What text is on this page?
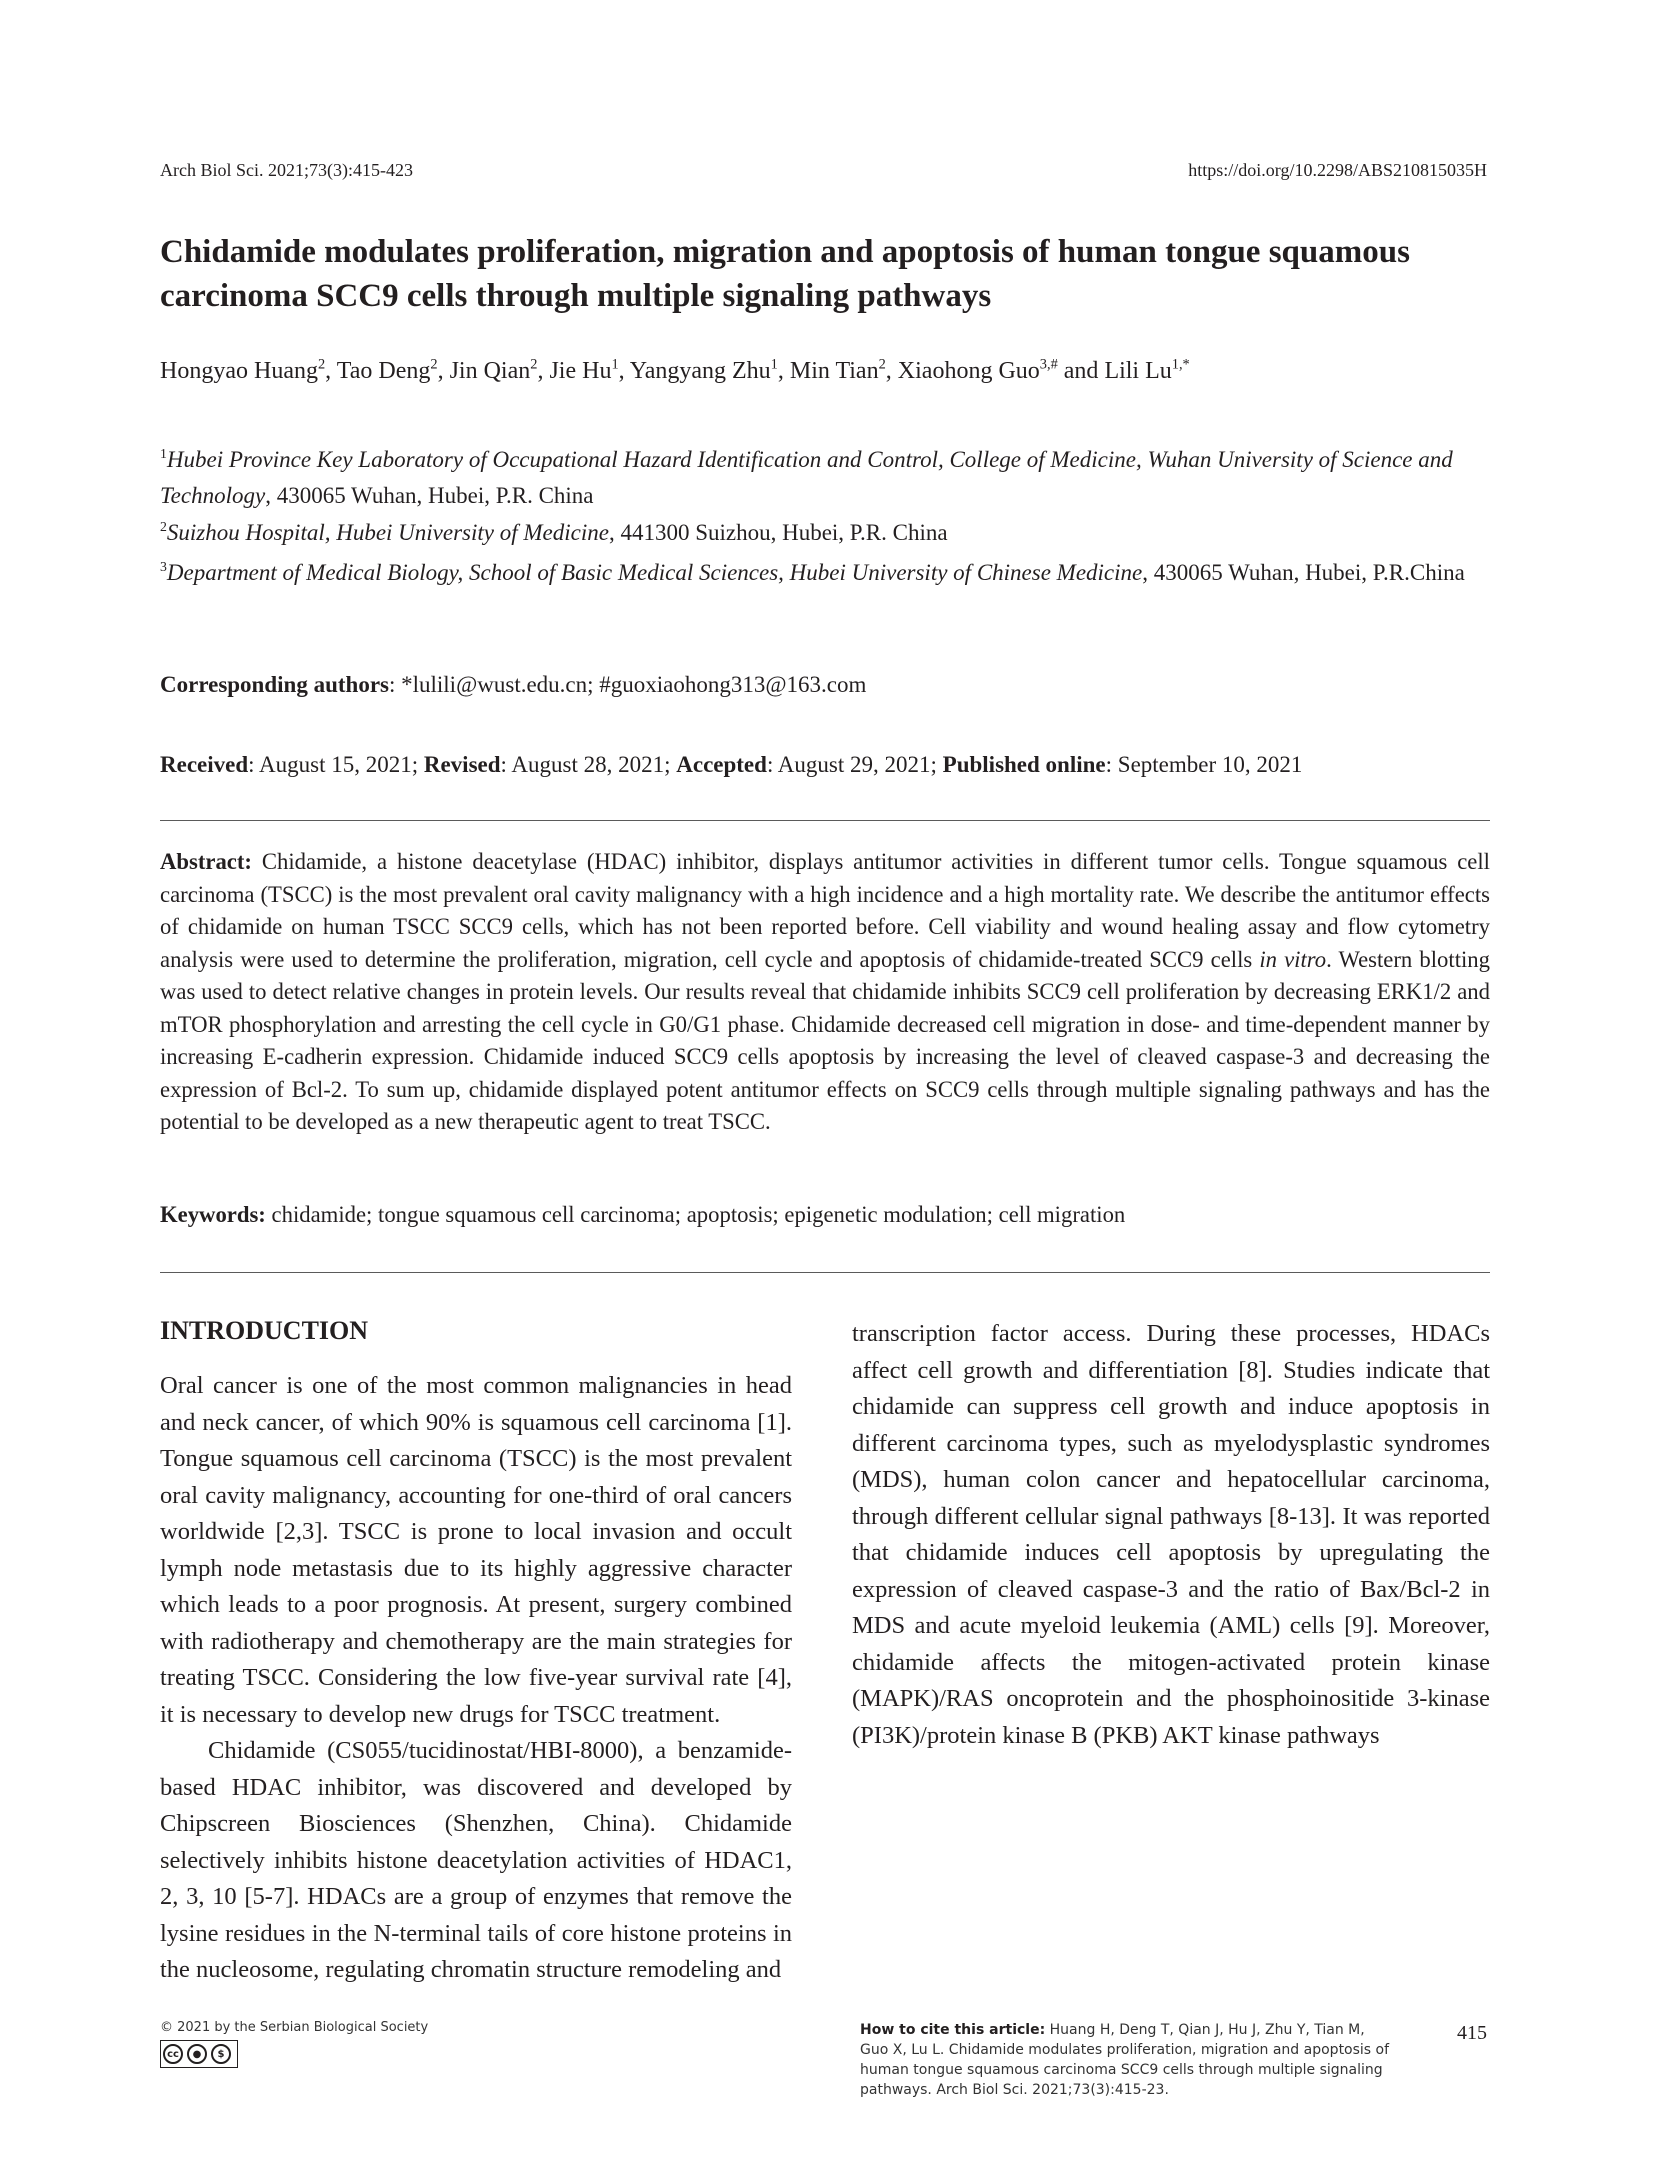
Arch Biol Sci. 2021;73(3):415-423	https://doi.org/10.2298/ABS210815035H
Chidamide modulates proliferation, migration and apoptosis of human tongue squamous carcinoma SCC9 cells through multiple signaling pathways
Hongyao Huang$^2$, Tao Deng$^2$, Jin Qian$^2$, Jie Hu$^1$, Yangyang Zhu$^1$, Min Tian$^2$, Xiaohong Guo$^{3,\#}$ and Lili $Lu^{1,*}$

$^1$Hubei Province Key Laboratory of Occupational Hazard Identification and Control, College of Medicine, Wuhan University of Science and Technology, 430065 Wuhan, Hubei, P.R. China

$^2$Suizhou Hospital, Hubei University of Medicine, 441300 Suizhou, Hubei, P.R. China

$^3$Department of Medical Biology, School of Basic Medical Sciences, Hubei University of Chinese Medicine, 430065 Wuhan, Hubei, P.R.China

Corresponding authors: *lulili@wust.edu.cn; #guoxiaohong313@163.com
Received: August 15, 2021; Revised: August 28, 2021; Accepted: August 29, 2021; Published online: September 10, 2021

Abstract: Chidamide, a histone deacetylase (HDAC) inhibitor, displays antitumor activities in different tumor cells. Tongue squamous cell carcinoma (TSCC) is the most prevalent oral cavity malignancy with a high incidence and a high mortality rate. We describe the antitumor effects of chidamide on human TSCC SCC9 cells, which has not been reported before. Cell viability and wound healing assay and flow cytometry analysis were used to determine the proliferation, migration, cell cycle and apoptosis of chidamide-treated SCC9 cells in vitro. Western blotting was used to detect relative changes in protein levels. Our results reveal that chidamide inhibits SCC9 cell proliferation by decreasing ERK1/2 and mTOR phosphorylation and arresting the cell cycle in G0/G1 phase. Chidamide decreased cell migration in dose- and time-dependent manner by increasing E-cadherin expression. Chidamide induced SCC9 cells apoptosis by increasing the level of cleaved caspase-3 and decreasing the expression of Bcl-2. To sum up, chidamide displayed potent antitumor effects on SCC9 cells through multiple signaling pathways and has the potential to be developed as a new therapeutic agent to treat TSCC.

Keywords: chidamide; tongue squamous cell carcinoma; apoptosis; epigenetic modulation; cell migration

INTRODUCTION

Oral cancer is one of the most common malignancies in head and neck cancer, of which 90% is squamous cell carcinoma [1]. Tongue squamous cell carcinoma (TSCC) is the most prevalent oral cavity malignancy, accounting for one-third of oral cancers worldwide [2,3]. TSCC is prone to local invasion and occult lymph node metastasis due to its highly aggressive character which leads to a poor prognosis. At present, surgery combined with radiotherapy and chemotherapy are the main strategies for treating TSCC. Considering the low five-year survival rate [4], it is necessary to develop new drugs for TSCC treatment.

Chidamide (CS055/tucidinostat/HBI-8000), a benzamide-based HDAC inhibitor, was discovered and developed by Chipscreen Biosciences (Shenzhen, China). Chidamide selectively inhibits histone deacetylation activities of HDAC1, 2, 3, 10 [5-7]. HDACs are a group of enzymes that remove the lysine residues in the N-terminal tails of core histone proteins in the nucleosome, regulating chromatin structure remodeling and

transcription factor access. During these processes, HDACs affect cell growth and differentiation [8]. Studies indicate that chidamide can suppress cell growth and induce apoptosis in different carcinoma types, such as myelodysplastic syndromes (MDS), human colon cancer and hepatocellular carcinoma, through different cellular signal pathways [8-13]. It was reported that chidamide induces cell apoptosis by upregulating the expression of cleaved caspase-3 and the ratio of Bax/Bcl-2 in MDS and acute myeloid leukemia (AML) cells [9]. Moreover, chidamide affects the mitogen-activated protein kinase (MAPK)/RAS oncoprotein and the phosphoinositide 3-kinase (PI3K)/protein kinase B (PKB) AKT kinase pathways

© 2021 by the Serbian Biological Society
cc	●	$

How to cite this article: Huang H, Deng T, Qian J, Hu J, Zhu Y, Tian M, Guo X, Lu L. Chidamide modulates proliferation, migration and apoptosis of human tongue squamous carcinoma SCC9 cells through multiple signaling pathways. Arch Biol Sci. 2021;73(3):415-23.

415
